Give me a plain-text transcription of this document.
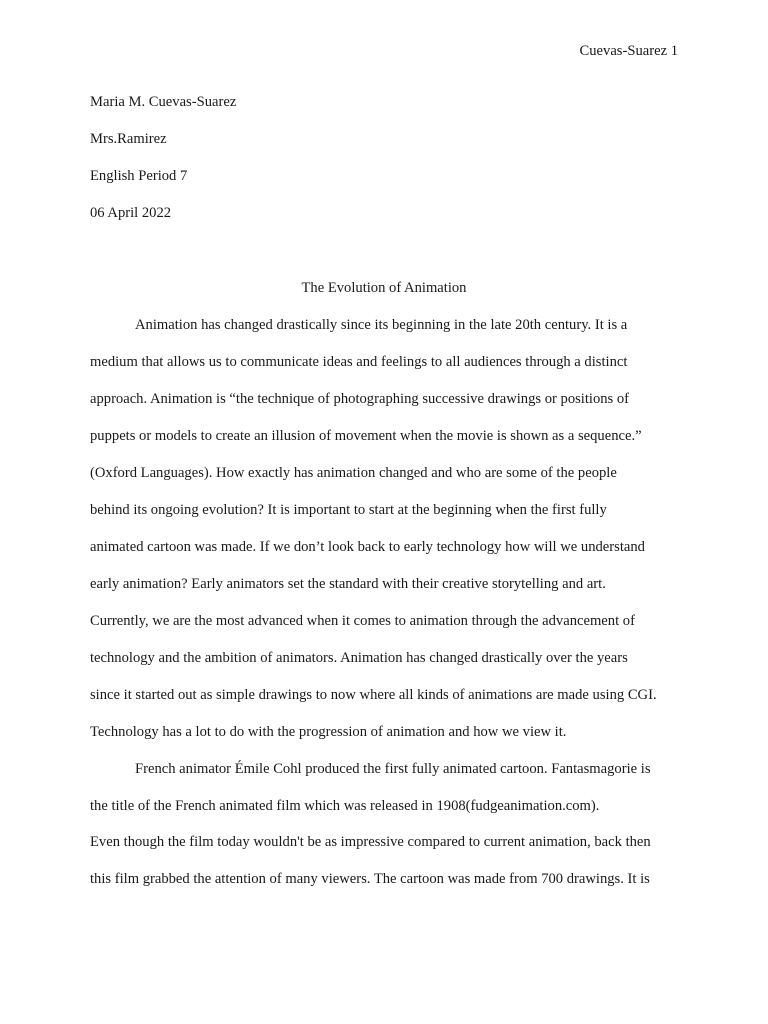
Cuevas-Suarez 1
Maria M. Cuevas-Suarez
Mrs.Ramirez
English Period 7
06 April 2022
The Evolution of Animation
Animation has changed drastically since its beginning in the late 20th century. It is a
medium that allows us to communicate ideas and feelings to all audiences through a distinct
approach. Animation is “the technique of photographing successive drawings or positions of
puppets or models to create an illusion of movement when the movie is shown as a sequence.”
(Oxford Languages). How exactly has animation changed and who are some of the people
behind its ongoing evolution? It is important to start at the beginning when the first fully
animated cartoon was made. If we don’t look back to early technology how will we understand
early animation? Early animators set the standard with their creative storytelling and art.
Currently, we are the most advanced when it comes to animation through the advancement of
technology and the ambition of animators. Animation has changed drastically over the years
since it started out as simple drawings to now where all kinds of animations are made using CGI.
Technology has a lot to do with the progression of animation and how we view it.
French animator Émile Cohl produced the first fully animated cartoon. Fantasmagorie is
the title of the French animated film which was released in 1908(fudgeanimation.com).
Even though the film today wouldn't be as impressive compared to current animation, back then
this film grabbed the attention of many viewers. The cartoon was made from 700 drawings. It is
